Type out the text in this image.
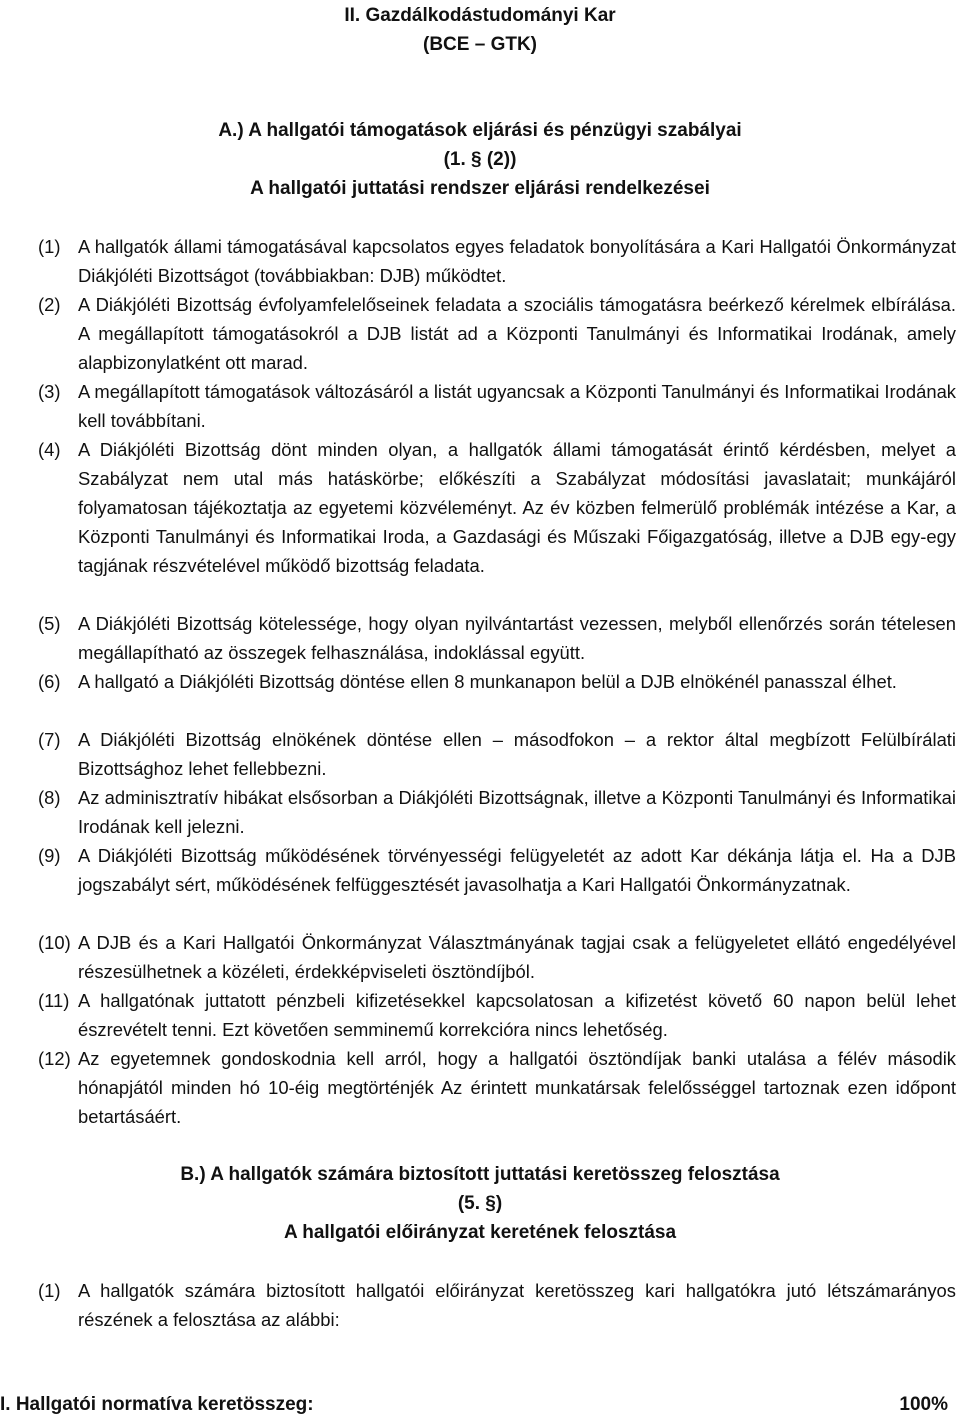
II. Gazdálkodástudományi Kar
(BCE – GTK)
A.) A hallgatói támogatások eljárási és pénzügyi szabályai
(1. § (2))
A hallgatói juttatási rendszer eljárási rendelkezései
(1) A hallgatók állami támogatásával kapcsolatos egyes feladatok bonyolítására a Kari Hallgatói Önkormányzat Diákjóléti Bizottságot (továbbiakban: DJB) működtet.
(2) A Diákjóléti Bizottság évfolyamfelelőseinek feladata a szociális támogatásra beérkező kérelmek elbírálása. A megállapított támogatásokról a DJB listát ad a Központi Tanulmányi és Informatikai Irodának, amely alapbizonylatként ott marad.
(3) A megállapított támogatások változásáról a listát ugyancsak a Központi Tanulmányi és Informatikai Irodának kell továbbítani.
(4) A Diákjóléti Bizottság dönt minden olyan, a hallgatók állami támogatását érintő kérdésben, melyet a Szabályzat nem utal más hatáskörbe; előkészíti a Szabályzat módosítási javaslatait; munkájáról folyamatosan tájékoztatja az egyetemi közvéleményt. Az év közben felmerülő problémák intézése a Kar, a Központi Tanulmányi és Informatikai Iroda, a Gazdasági és Műszaki Főigazgatóság, illetve a DJB egy-egy tagjának részvételével működő bizottság feladata.
(5) A Diákjóléti Bizottság kötelessége, hogy olyan nyilvántartást vezessen, melyből ellenőrzés során tételesen megállapítható az összegek felhasználása, indoklással együtt.
(6) A hallgató a Diákjóléti Bizottság döntése ellen 8 munkanapon belül a DJB elnökénél panasszal élhet.
(7) A Diákjóléti Bizottság elnökének döntése ellen – másodfokon – a rektor által megbízott Felülbírálati Bizottsághoz lehet fellebbezni.
(8) Az adminisztratív hibákat elsősorban a Diákjóléti Bizottságnak, illetve a Központi Tanulmányi és Informatikai Irodának kell jelezni.
(9) A Diákjóléti Bizottság működésének törvényességi felügyeletét az adott Kar dékánja látja el. Ha a DJB jogszabályt sért, működésének felfüggesztését javasolhatja a Kari Hallgatói Önkormányzatnak.
(10) A DJB és a Kari Hallgatói Önkormányzat Választmányának tagjai csak a felügyeletet ellátó engedélyével részesülhetnek a közéleti, érdekképviseleti ösztöndíjból.
(11) A hallgatónak juttatott pénzbeli kifizetésekkel kapcsolatosan a kifizetést követő 60 napon belül lehet észrevételt tenni. Ezt követően semminemű korrekcióra nincs lehetőség.
(12) Az egyetemnek gondoskodnia kell arról, hogy a hallgatói ösztöndíjak banki utalása a félév második hónapjától minden hó 10-éig megtörténjék Az érintett munkatársak felelősséggel tartoznak ezen időpont betartásáért.
B.) A hallgatók számára biztosított juttatási keretösszeg felosztása
(5. §)
A hallgatói előirányzat keretének felosztása
(1) A hallgatók számára biztosított hallgatói előirányzat keretösszeg kari hallgatókra jutó létszámarányos részének a felosztása az alábbi:
I. Hallgatói normatíva keretösszeg:	100%
